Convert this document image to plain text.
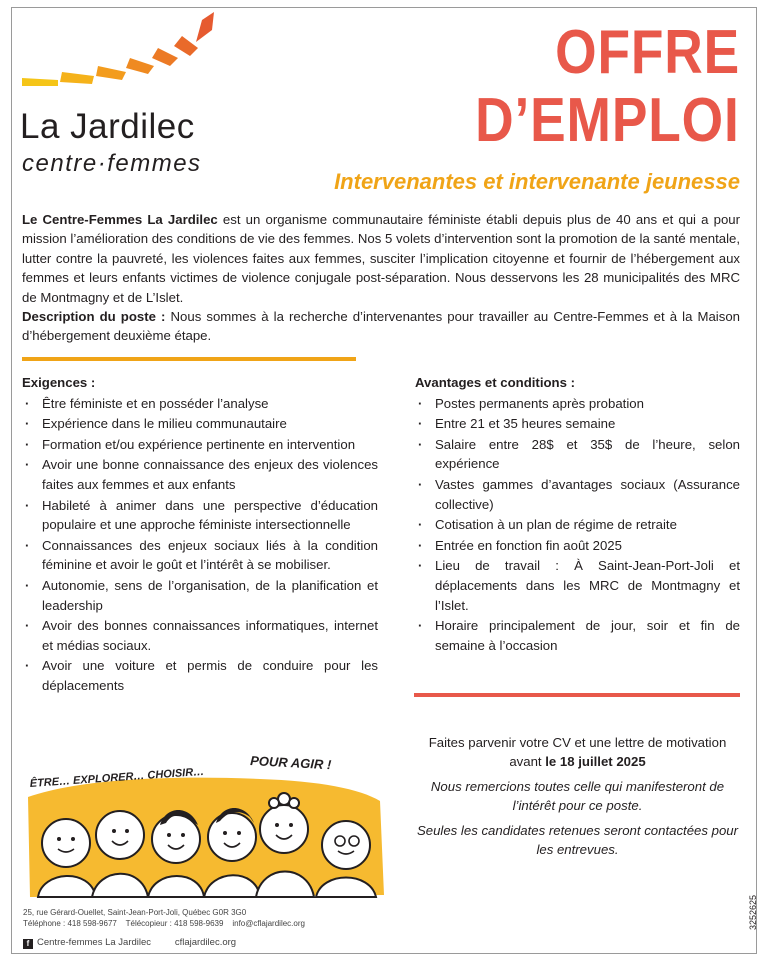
La Jardilec
centre·femmes
OFFRE
D’EMPLOI
Intervenantes et intervenante jeunesse
Le Centre-Femmes La Jardilec est un organisme communautaire féministe établi depuis plus de 40 ans et qui a pour mission l’amélioration des conditions de vie des femmes. Nos 5 volets d’intervention sont la promotion de la santé mentale, lutter contre la pauvreté, les violences faites aux femmes, susciter l’implication citoyenne et fournir de l’hébergement aux femmes et leurs enfants victimes de violence conjugale post-séparation. Nous desservons les 28 municipalités des MRC de Montmagny et de L’Islet.
Description du poste : Nous sommes à la recherche d’intervenantes pour travailler au Centre-Femmes et à la Maison d’hébergement deuxième étape.
Exigences :
· Être féministe et en posséder l’analyse
· Expérience dans le milieu communautaire
· Formation et/ou expérience pertinente en intervention
· Avoir une bonne connaissance des enjeux des violences faites aux femmes et aux enfants
· Habileté à animer dans une perspective d’éducation populaire et une approche féministe intersectionnelle
· Connaissances des enjeux sociaux liés à la condition féminine et avoir le goût et l’intérêt à se mobiliser.
· Autonomie, sens de l’organisation, de la planification et leadership
· Avoir des bonnes connaissances informatiques, internet et médias sociaux.
· Avoir une voiture et permis de conduire pour les déplacements
Avantages et conditions :
· Postes permanents après probation
· Entre 21 et 35 heures semaine
· Salaire entre 28$ et 35$ de l’heure, selon expérience
· Vastes gammes d’avantages sociaux (Assurance collective)
· Cotisation à un plan de régime de retraite
· Entrée en fonction fin août 2025
· Lieu de travail : À Saint-Jean-Port-Joli et déplacements dans les MRC de Montmagny et l’Islet.
· Horaire principalement de jour, soir et fin de semaine à l’occasion

Faites parvenir votre CV et une lettre de motivation avant le 18 juillet 2025

Nous remercions toutes celle qui manifesteront de l’intérêt pour ce poste.

Seules les candidates retenues seront contactées pour les entrevues.

ÊTRE… EXPLORER… CHOISIR…
POUR AGIR !
25, rue Gérard-Ouellet, Saint-Jean-Port-Joli, Québec G0R 3G0
Téléphone : 418 598-9677 Télécopieur : 418 598-9639 info@cflajardilec.org
f Centre-femmes La Jardilec	cflajardilec.org
3252625
